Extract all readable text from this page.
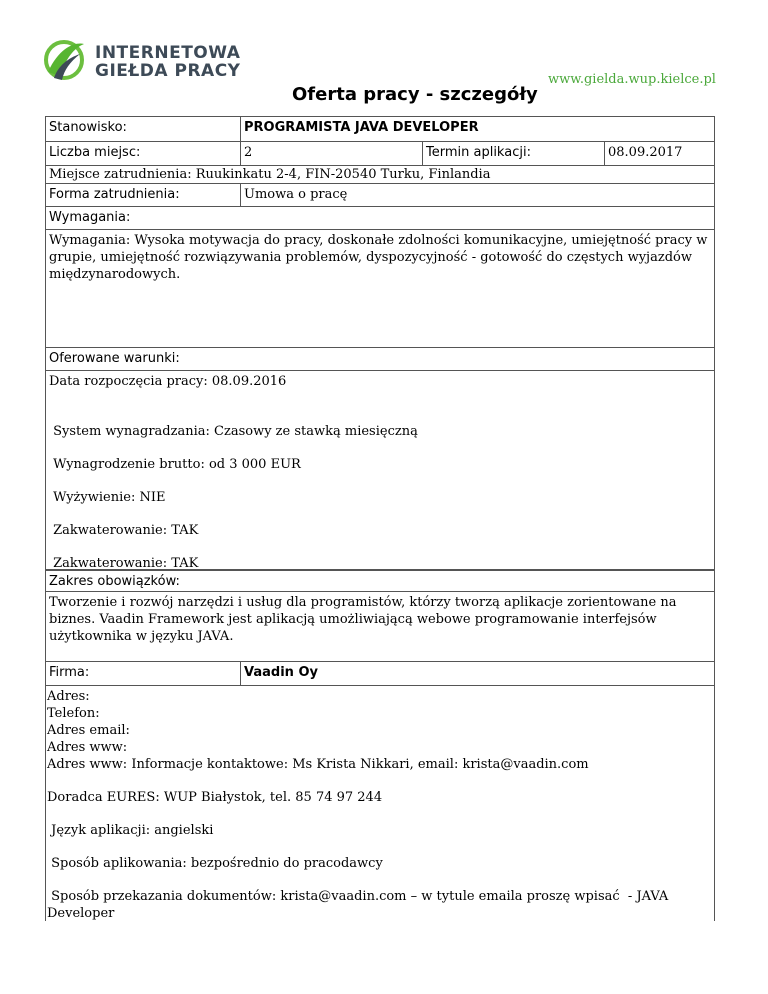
INTERNETOWA
GIEŁDA PRACY	www.gielda.wup.kielce.pl
Oferta pracy - szczegóły
Stanowisko:	PROGRAMISTA JAVA DEVELOPER
Liczba miejsc:	2	Termin aplikacji:	08.09.2017
Miejsce zatrudnienia: Ruukinkatu 2-4, FIN-20540 Turku, Finlandia
Forma zatrudnienia:	Umowa o pracę
Wymagania:
Wymagania: Wysoka motywacja do pracy, doskonałe zdolności komunikacyjne, umiejętność pracy w grupie, umiejętność rozwiązywania problemów, dyspozycyjność - gotowość do częstych wyjazdów międzynarodowych.
Oferowane warunki:
Data rozpoczęcia pracy: 08.09.2016
System wynagradzania: Czasowy ze stawką miesięczną
Wynagrodzenie brutto: od 3 000 EUR
Wyżywienie: NIE
Zakwaterowanie: TAK
Zakwaterowanie: TAK
Zakres obowiązków:
Tworzenie i rozwój narzędzi i usług dla programistów, którzy tworzą aplikacje zorientowane na biznes. Vaadin Framework jest aplikacją umożliwiającą webowe programowanie interfejsów użytkownika w języku JAVA.
Firma:	Vaadin Oy
Adres:
Telefon:
Adres email:
Adres www:
Adres www: Informacje kontaktowe: Ms Krista Nikkari, email: krista@vaadin.com
Doradca EURES: WUP Białystok, tel. 85 74 97 244
Język aplikacji: angielski
Sposób aplikowania: bezpośrednio do pracodawcy
Sposób przekazania dokumentów: krista@vaadin.com – w tytule emaila proszę wpisać  - JAVA Developer
